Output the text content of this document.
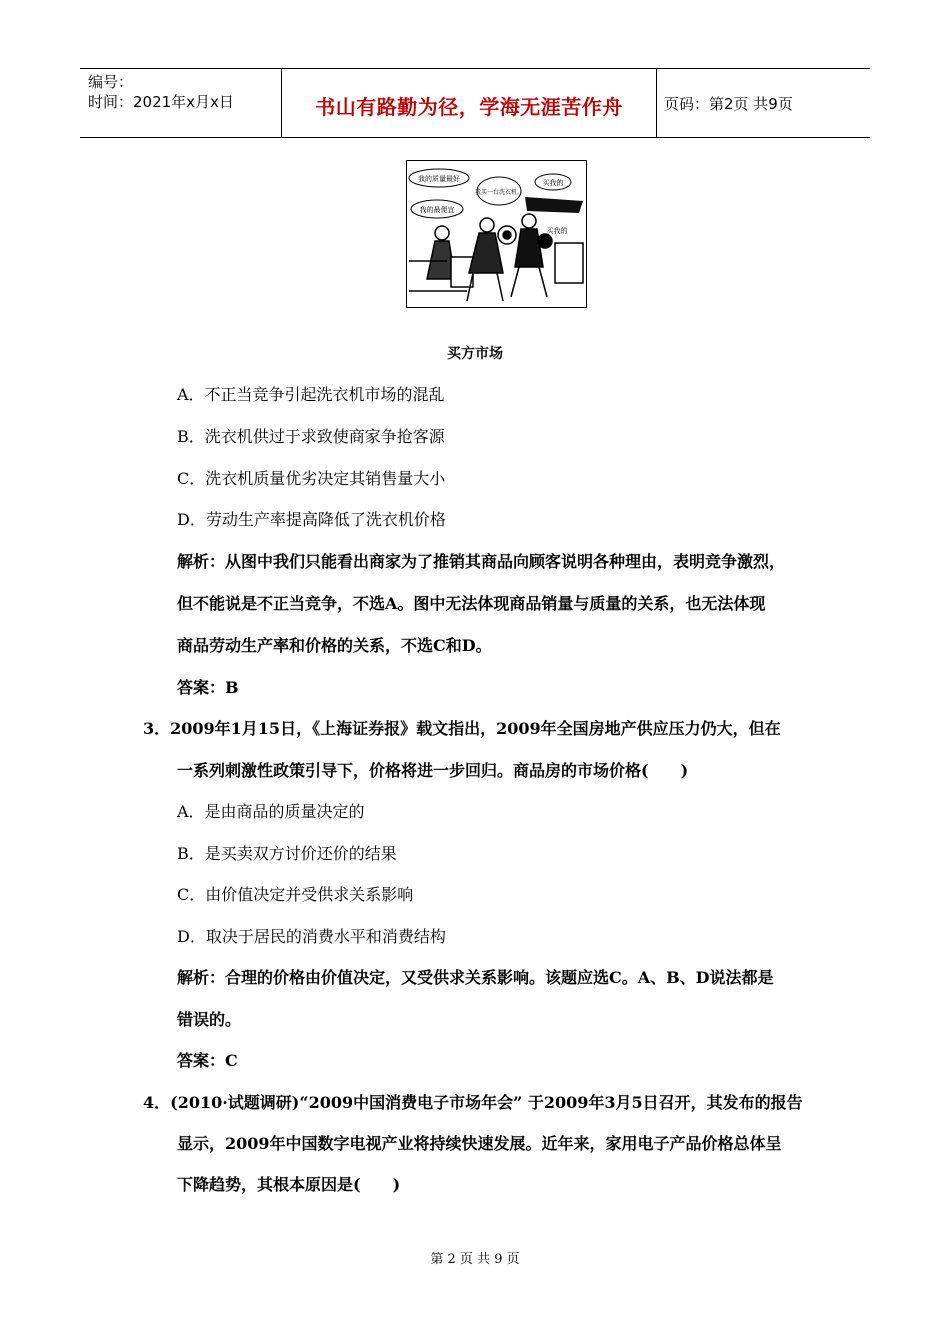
编号：
时间：2021年x月x日	书山有路勤为径，学海无涯苦作舟	页码：第2页 共9页
我的质量最好
我的最便宜
我买一台洗衣机。
买我的
买我的
买方市场
A．不正当竞争引起洗衣机市场的混乱
B．洗衣机供过于求致使商家争抢客源
C．洗衣机质量优劣决定其销售量大小
D．劳动生产率提高降低了洗衣机价格
解析：从图中我们只能看出商家为了推销其商品向顾客说明各种理由，表明竞争激烈，
但不能说是不正当竞争，不选A。图中无法体现商品销量与质量的关系，也无法体现
商品劳动生产率和价格的关系，不选C和D。
答案：B
3．2009年1月15日，《上海证券报》载文指出，2009年全国房地产供应压力仍大，但在
一系列刺激性政策引导下，价格将进一步回归。商品房的市场价格(　　)
A．是由商品的质量决定的
B．是买卖双方讨价还价的结果
C．由价值决定并受供求关系影响
D．取决于居民的消费水平和消费结构
解析：合理的价格由价值决定，又受供求关系影响。该题应选C。A、B、D说法都是
错误的。
答案：C
4．(2010·试题调研)“2009中国消费电子市场年会” 于2009年3月5日召开，其发布的报告
显示，2009年中国数字电视产业将持续快速发展。近年来，家用电子产品价格总体呈
下降趋势，其根本原因是(　　)
第 2 页 共 9 页
